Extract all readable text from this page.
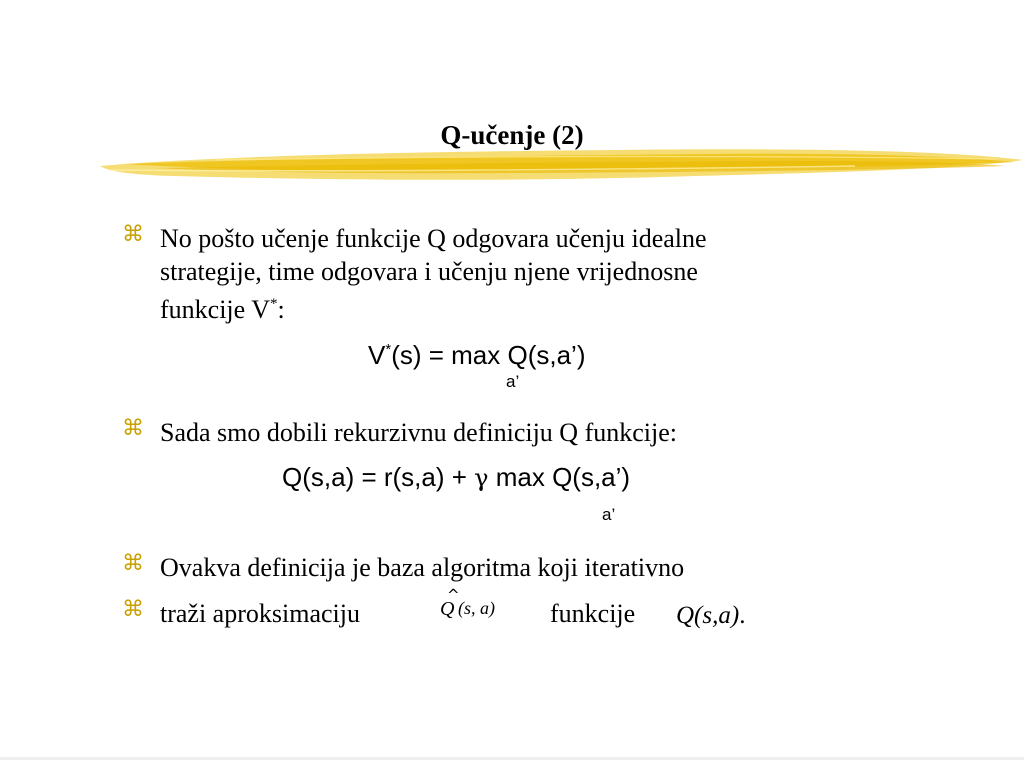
Q-učenje (2)
⌘ No pošto učenje funkcije Q odgovara učenju idealne
strategije, time odgovara i učenju njene vrijednosne
funkcije V*:
V*(s) = max Q(s,a’)
a’
⌘ Sada smo dobili rekurzivnu definiciju Q funkcije:
Q(s,a) = r(s,a) + γ max Q(s,a’)
a’
⌘ Ovakva definicija je baza algoritma koji iterativno
⌘ traži aproksimaciju
^
Q (s, a) funkcije	Q(s,a).
